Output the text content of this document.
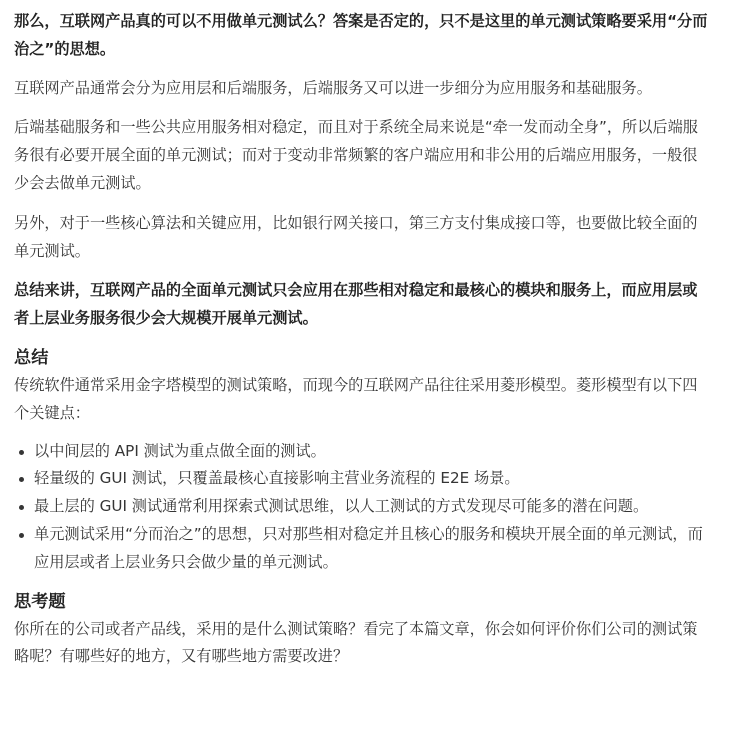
那么，互联网产品真的可以不用做单元测试么？答案是否定的，只不是这里的单元测试策略要采用“分而治之”的思想。

互联网产品通常会分为应用层和后端服务，后端服务又可以进一步细分为应用服务和基础服务。

后端基础服务和一些公共应用服务相对稳定，而且对于系统全局来说是“牵一发而动全身”，所以后端服务很有必要开展全面的单元测试；而对于变动非常频繁的客户端应用和非公用的后端应用服务，一般很少会去做单元测试。

另外，对于一些核心算法和关键应用，比如银行网关接口，第三方支付集成接口等，也要做比较全面的单元测试。

总结来讲，互联网产品的全面单元测试只会应用在那些相对稳定和最核心的模块和服务上，而应用层或者上层业务服务很少会大规模开展单元测试。

总结

传统软件通常采用金字塔模型的测试策略，而现今的互联网产品往往采用菱形模型。菱形模型有以下四个关键点：

以中间层的 API 测试为重点做全面的测试。
轻量级的 GUI 测试，只覆盖最核心直接影响主营业务流程的 E2E 场景。
最上层的 GUI 测试通常利用探索式测试思维，以人工测试的方式发现尽可能多的潜在问题。
单元测试采用“分而治之”的思想，只对那些相对稳定并且核心的服务和模块开展全面的单元测试，而应用层或者上层业务只会做少量的单元测试。
思考题

你所在的公司或者产品线，采用的是什么测试策略？看完了本篇文章，你会如何评价你们公司的测试策略呢？有哪些好的地方，又有哪些地方需要改进？
